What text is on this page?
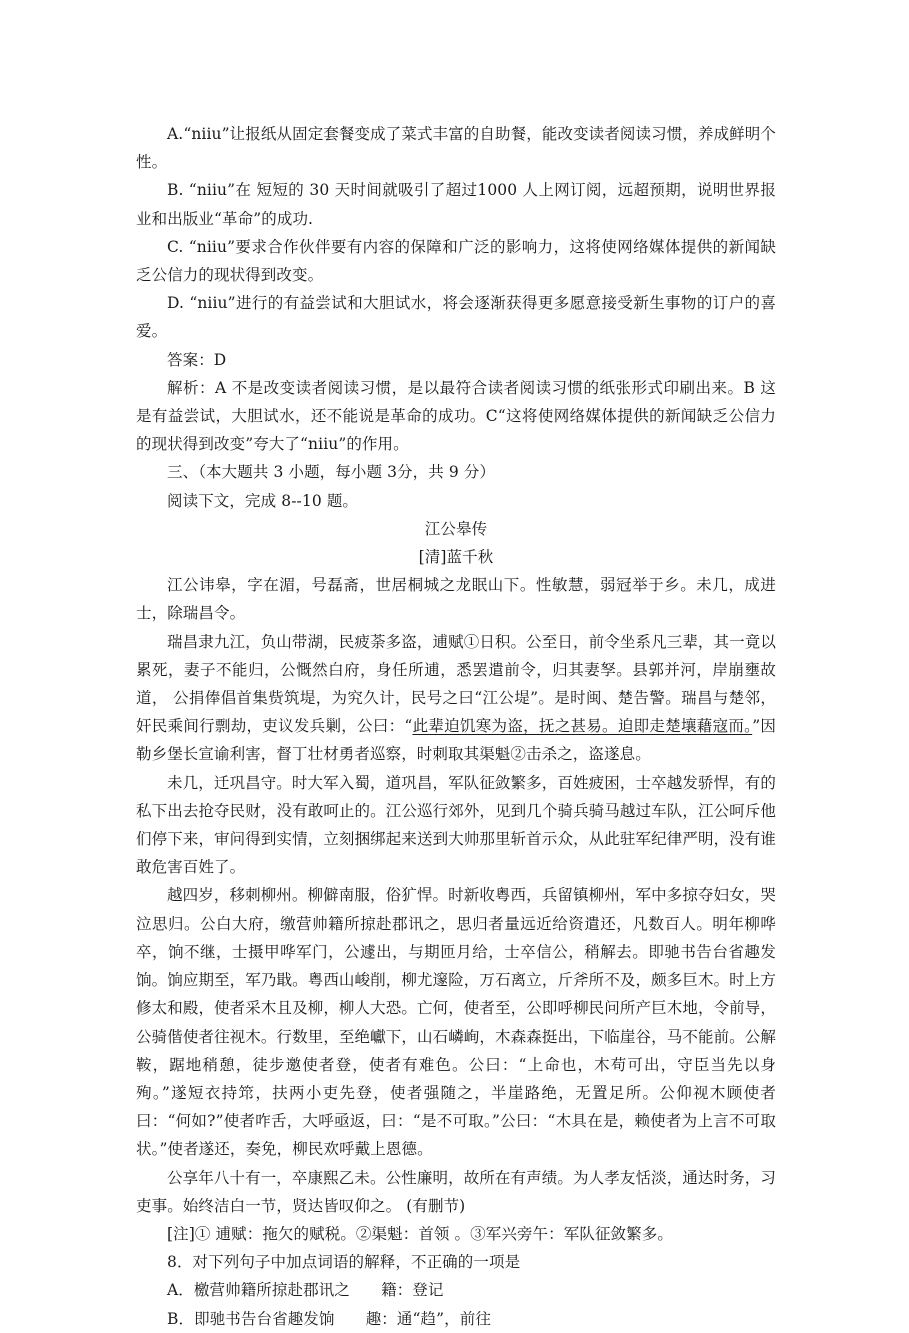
A.“niiu”让报纸从固定套餐变成了菜式丰富的自助餐，能改变读者阅读习惯，养成鲜明个性。

B. “niiu”在 短短的 30 天时间就吸引了超过1000 人上网订阅，远超预期，说明世界报业和出版业“革命”的成功.

C. “niiu”要求合作伙伴要有内容的保障和广泛的影响力，这将使网络媒体提供的新闻缺乏公信力的现状得到改变。

D. “niiu”进行的有益尝试和大胆试水，将会逐渐获得更多愿意接受新生事物的订户的喜爱。

答案：D

解析：A 不是改变读者阅读习惯，是以最符合读者阅读习惯的纸张形式印刷出来。B 这是有益尝试，大胆试水，还不能说是革命的成功。C“这将使网络媒体提供的新闻缺乏公信力的现状得到改变”夸大了“niiu”的作用。

三、（本大题共 3 小题，每小题 3分，共 9 分）

阅读下文，完成 8--10 题。

江公皋传

[清]蓝千秋

江公讳皋，字在湄，号磊斋，世居桐城之龙眠山下。性敏慧，弱冠举于乡。未几，成进士，除瑞昌令。

瑞昌隶九江，负山带湖，民疲荼多盗，逋赋①日积。公至日，前令坐系凡三辈，其一竟以累死，妻子不能归，公慨然白府，身任所逋，悉罢遣前令，归其妻孥。县郭并河，岸崩壅故道， 公捐俸倡首集赀筑堤，为究久计，民号之曰“江公堤”。是时闽、楚告警。瑞昌与楚邻，奸民乘间行剽劫，吏议发兵剿，公曰：“此辈迫饥寒为盗，抚之甚易。迫即走楚壤藉寇而。”因勒乡堡长宣谕利害，督丁壮材勇者巡察，时刺取其渠魁②击杀之，盗遂息。

未几，迁巩昌守。时大军入蜀，道巩昌，军队征敛繁多，百姓疲困，士卒越发骄悍，有的私下出去抢夺民财，没有敢呵止的。江公巡行郊外，见到几个骑兵骑马越过车队，江公呵斥他们停下来，审问得到实情，立刻捆绑起来送到大帅那里斩首示众，从此驻军纪律严明，没有谁敢危害百姓了。

越四岁，移刺柳州。柳僻南服，俗犷悍。时新收粤西，兵留镇柳州，军中多掠夺妇女，哭泣思归。公白大府，缴营帅籍所掠赴郡讯之，思归者量远近给资遣还，凡数百人。明年柳哗卒，饷不继，士摄甲哗军门，公遽出，与期匝月给，士卒信公，稍解去。即驰书告台省趣发饷。饷应期至，军乃戢。粤西山峻削，柳尤邃险，万石离立，斤斧所不及，颇多巨木。时上方修太和殿，使者采木且及柳，柳人大恐。亡何，使者至，公即呼柳民问所产巨木地，令前导，公骑偕使者往视木。行数里，至绝巘下，山石嶙峋，木森森挺出，下临崖谷，马不能前。公解鞍，踞地稍憩，徒步邀使者登，使者有难色。公曰：“上命也，木苟可出，守臣当先以身殉。”遂短衣持筇，扶两小吏先登，使者强随之，半崖路绝，无置足所。公仰视木顾使者曰：“何如?”使者咋舌，大呼亟返，曰：“是不可取。”公曰：“木具在是，赖使者为上言不可取状。”使者遂还，奏免，柳民欢呼戴上恩德。

公享年八十有一，卒康熙乙未。公性廉明，故所在有声绩。为人孝友恬淡，通达时务，习吏事。始终洁白一节，贤达皆叹仰之。 (有删节)

[注]① 逋赋：拖欠的赋税。②渠魁：首领 。③军兴旁午：军队征敛繁多。

8．对下列句子中加点词语的解释，不正确的一项是

A．檄营帅籍所掠赴郡讯之　　籍：登记

B．即驰书告台省趣发饷　　趣：通“趋”，前往
